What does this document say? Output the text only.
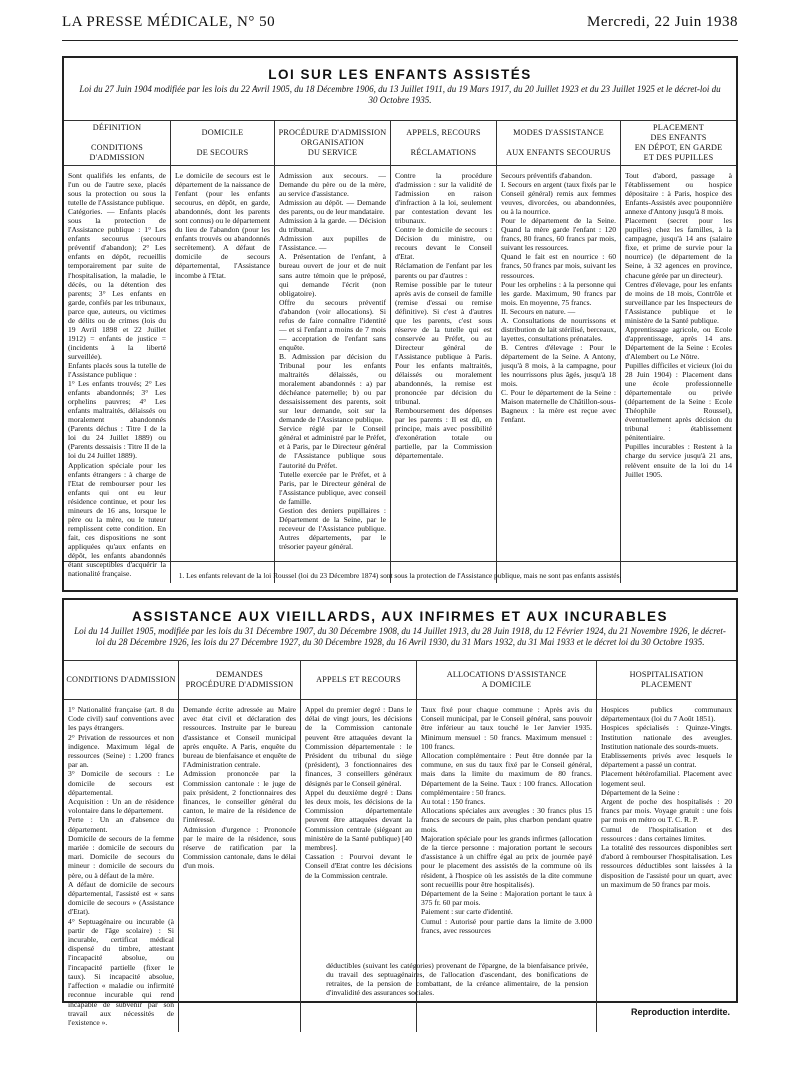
LA PRESSE MÉDICALE, N° 50	Mercredi, 22 Juin 1938
LOI SUR LES ENFANTS ASSISTÉS
Loi du 27 Juin 1904 modifiée par les lois du 22 Avril 1905, du 18 Décembre 1906, du 13 Juillet 1911, du 19 Mars 1917, du 20 Juillet 1923 et du 23 Juillet 1925 et le décret-loi du 30 Octobre 1935.
DÉFINITION

CONDITIONS D'ADMISSION
Sont qualifiés les enfants, de l'un ou de l'autre sexe, placés sous la protection ou sous la tutelle de l'Assistance publique.
Catégories. — Enfants placés sous la protection de l'Assistance publique : 1° Les enfants secourus (secours préventif d'abandon); 2° Les enfants en dépôt, recueillis temporairement par suite de l'hospitalisation, la maladie, le décès, ou la détention des parents; 3° Les enfants en garde, confiés par les tribunaux, parce que, auteurs, ou victimes de délits ou de crimes (lois du 19 Avril 1898 et 22 Juillet 1912) = enfants de justice = (incidents à la liberté surveillée).
Enfants placés sous la tutelle de l'Assistance publique :
1° Les enfants trouvés; 2° Les enfants abandonnés; 3° Les orphelins pauvres; 4° Les enfants maltraités, délaissés ou moralement abandonnés (Parents déchus : Titre I de la loi du 24 Juillet 1889) ou (Parents dessaisis : Titre II de la loi du 24 Juillet 1889).
Application spéciale pour les enfants étrangers : à charge de l'Etat de rembourser pour les enfants qui ont eu leur résidence continue, et pour les mineurs de 16 ans, lorsque le père ou la mère, ou le tuteur remplissent cette condition. En fait, ces dispositions ne sont appliquées qu'aux enfants en dépôt, les enfants abandonnés étant susceptibles d'acquérir la nationalité française.
DOMICILE

DE SECOURS
Le domicile de secours est le département de la naissance de l'enfant (pour les enfants secourus, en dépôt, en garde, abandonnés, dont les parents sont connus) ou le département du lieu de l'abandon (pour les enfants trouvés ou abandonnés secrètement). A défaut de domicile de secours départemental, l'Assistance incombe à l'Etat.
PROCÉDURE D'ADMISSION
ORGANISATION
DU SERVICE
Admission aux secours. — Demande du père ou de la mère, au service d'assistance.
Admission au dépôt. — Demande des parents, ou de leur mandataire.
Admission à la garde. — Décision du tribunal.
Admission aux pupilles de l'Assistance. —
A. Présentation de l'enfant, à bureau ouvert de jour et de nuit sans autre témoin que le préposé, qui demande l'écrit (non obligatoire).
Offre du secours préventif d'abandon (voir allocations). Si refus de faire connaître l'identité — et si l'enfant a moins de 7 mois — acceptation de l'enfant sans enquête.
B. Admission par décision du Tribunal pour les enfants maltraités délaissés, ou moralement abandonnés : a) par déchéance paternelle; b) ou par dessaisissement des parents, soit sur leur demande, soit sur la demande de l'Assistance publique.
Service réglé par le Conseil général et administré par le Préfet, et à Paris, par le Directeur général de l'Assistance publique sous l'autorité du Préfet.
Tutelle exercée par le Préfet, et à Paris, par le Directeur général de l'Assistance publique, avec conseil de famille.
Gestion des deniers pupillaires : Département de la Seine, par le receveur de l'Assistance publique. Autres départements, par le trésorier payeur général.
APPELS, RECOURS

RÉCLAMATIONS
Contre la procédure d'admission : sur la validité de l'admission en raison d'infraction à la loi, seulement par contestation devant les tribunaux.
Contre le domicile de secours : Décision du ministre, ou recours devant le Conseil d'Etat.
Réclamation de l'enfant par les parents ou par d'autres :
Remise possible par le tuteur après avis de conseil de famille (remise d'essai ou remise définitive). Si c'est à d'autres que les parents, c'est sous réserve de la tutelle qui est conservée au Préfet, ou au Directeur général de l'Assistance publique à Paris. Pour les enfants maltraités, délaissés ou moralement abandonnés, la remise est prononcée par décision du tribunal.
Remboursement des dépenses par les parents : Il est dû, en principe, mais avec possibilité d'exonération totale ou partielle, par la Commission départementale.
MODES D'ASSISTANCE

AUX ENFANTS SECOURUS
Secours préventifs d'abandon.
I. Secours en argent (taux fixés par le Conseil général) remis aux femmes veuves, divorcées, ou abandonnées, ou à la nourrice.
Pour le département de la Seine. Quand la mère garde l'enfant : 120 francs, 80 francs, 60 francs par mois, suivant les ressources.
Quand le fait est en nourrice : 60 francs, 50 francs par mois, suivant les ressources.
Pour les orphelins : à la personne qui les garde. Maximum, 90 francs par mois. En moyenne, 75 francs.
II. Secours en nature. —
A. Consultations de nourrissons et distribution de lait stérilisé, berceaux, layettes, consultations prénatales.
B. Centres d'élevage : Pour le département de la Seine. A Antony, jusqu'à 8 mois, à la campagne, pour les nourrissons plus âgés, jusqu'à 18 mois.
C. Pour le département de la Seine : Maison maternelle de Châtillon-sous-Bagneux : la mère est reçue avec l'enfant.
PLACEMENT
DES ENFANTS
EN DÉPOT, EN GARDE
ET DES PUPILLES
Tout d'abord, passage à l'établissement ou hospice dépositaire : à Paris, hospice des Enfants-Assistés avec pouponnière annexe d'Antony jusqu'à 8 mois.
Placement (secret pour les pupilles) chez les familles, à la campagne, jusqu'à 14 ans (salaire fixe, et prime de survie pour la nourrice) (le département de la Seine, à 32 agences en province, chacune gérée par un directeur).
Centres d'élevage, pour les enfants de moins de 18 mois, Contrôle et surveillance par les Inspecteurs de l'Assistance publique et le ministère de la Santé publique.
Apprentissage agricole, ou Ecole d'apprentissage, après 14 ans. Département de la Seine : Ecoles d'Alembert ou Le Nôtre.
Pupilles difficiles et vicieux (loi du 28 Juin 1904) : Placement dans une école professionnelle départementale ou privée (département de la Seine : Ecole Théophile Roussel), éventuellement après décision du tribunal : établissement pénitentiaire.
Pupilles incurables : Restent à la charge du service jusqu'à 21 ans, relèvent ensuite de la loi du 14 Juillet 1905.
1. Les enfants relevant de la loi Roussel (loi du 23 Décembre 1874) sont sous la protection de l'Assistance publique, mais ne sont pas enfants assistés.
ASSISTANCE AUX VIEILLARDS, AUX INFIRMES ET AUX INCURABLES
Loi du 14 Juillet 1905, modifiée par les lois du 31 Décembre 1907, du 30 Décembre 1908, du 14 Juillet 1913, du 28 Juin 1918, du 12 Février 1924, du 21 Novembre 1926, le décret-loi du 28 Décembre 1926, les lois du 27 Décembre 1927, du 30 Décembre 1928, du 16 Avril 1930, du 31 Mars 1932, du 31 Mai 1933 et le décret loi du 30 Octobre 1935.
CONDITIONS D'ADMISSION
1° Nationalité française (art. 8 du Code civil) sauf conventions avec les pays étrangers.
2° Privation de ressources et non indigence. Maximum légal de ressources (Seine) : 1.200 francs par an.
3° Domicile de secours : Le domicile de secours est départemental.
Acquisition : Un an de résidence volontaire dans le département.
Perte : Un an d'absence du département.
Domicile de secours de la femme mariée : domicile de secours du mari. Domicile de secours du mineur : domicile de secours du père, ou à défaut de la mère.
A défaut de domicile de secours départemental, l'assisté est « sans domicile de secours » (Assistance d'Etat).
4° Septuagénaire ou incurable (à partir de l'âge scolaire) : Si incurable, certificat médical dispensé du timbre, attestant l'incapacité absolue, ou l'incapacité partielle (fixer le taux). Si incapacité absolue, l'affection « maladie ou infirmité reconnue incurable qui rend incapable de subvenir par son travail aux nécessités de l'existence ».
DEMANDES
PROCÉDURE D'ADMISSION
Demande écrite adressée au Maire avec état civil et déclaration des ressources. Instruite par le bureau d'assistance et Conseil municipal après enquête. A Paris, enquête du bureau de bienfaisance et enquête de l'Administration centrale.
Admission prononcée par la Commission cantonale : le juge de paix président, 2 fonctionnaires des finances, le conseiller général du canton, le maire de la résidence de l'intéressé.
Admission d'urgence : Prononcée par le maire de la résidence, sous réserve de ratification par la Commission cantonale, dans le délai d'un mois.
APPELS ET RECOURS
Appel du premier degré : Dans le délai de vingt jours, les décisions de la Commission cantonale peuvent être attaquées devant la Commission départementale : le Président du tribunal du siège (président), 3 fonctionnaires des finances, 3 conseillers généraux désignés par le Conseil général.
Appel du deuxième degré : Dans les deux mois, les décisions de la Commission départementale peuvent être attaquées devant la Commission centrale (siégeant au ministère de la Santé publique) [40 membres].
Cassation : Pourvoi devant le Conseil d'Etat contre les décisions de la Commission centrale.
ALLOCATIONS D'ASSISTANCE
A DOMICILE
Taux fixé pour chaque commune : Après avis du Conseil municipal, par le Conseil général, sans pouvoir être inférieur au taux touché le 1er Janvier 1935. Minimum mensuel : 50 francs. Maximum mensuel : 100 francs.
Allocation complémentaire : Peut être donnée par la commune, en sus du taux fixé par le Conseil général, mais dans la limite du maximum de 80 francs. Département de la Seine. Taux : 100 francs. Allocation complémentaire : 50 francs.
Au total : 150 francs.
Allocations spéciales aux aveugles : 30 francs plus 15 francs de secours de pain, plus charbon pendant quatre mois.
Majoration spéciale pour les grands infirmes (allocation de la tierce personne : majoration portant le secours d'assistance à un chiffre égal au prix de journée payé pour le placement des assistés de la commune où ils résident, à l'hospice où les assistés de la dite commune sont recueillis pour être hospitalisés).
Département de la Seine : Majoration portant le taux à 375 fr. 60 par mois.
Paiement : sur carte d'identité.
Cumul : Autorisé pour partie dans la limite de 3.000 francs, avec ressources
HOSPITALISATION
PLACEMENT
Hospices publics communaux départementaux (loi du 7 Août 1851).
Hospices spécialisés : Quinze-Vingts. Institution nationale des aveugles. Institution nationale des sourds-muets.
Etablissements privés avec lesquels le département a passé un contrat.
Placement hétérofamilial. Placement avec logement seul.
Département de la Seine :
Argent de poche des hospitalisés : 20 francs par mois. Voyage gratuit : une fois par mois en métro ou T. C. R. P.
Cumul de l'hospitalisation et des ressources : dans certaines limites.
La totalité des ressources disponibles sert d'abord à rembourser l'hospitalisation. Les ressources déductibles sont laissées à la disposition de l'assisté pour un quart, avec un maximum de 50 francs par mois.
déductibles (suivant les catégories) provenant de l'épargne, de la bienfaisance privée, du travail des septuagénaires, de l'allocation d'ascendant, des bonifications de retraites, de la pension de combattant, de la créance alimentaire, de la pension d'invalidité des assurances sociales.
Reproduction interdite.
